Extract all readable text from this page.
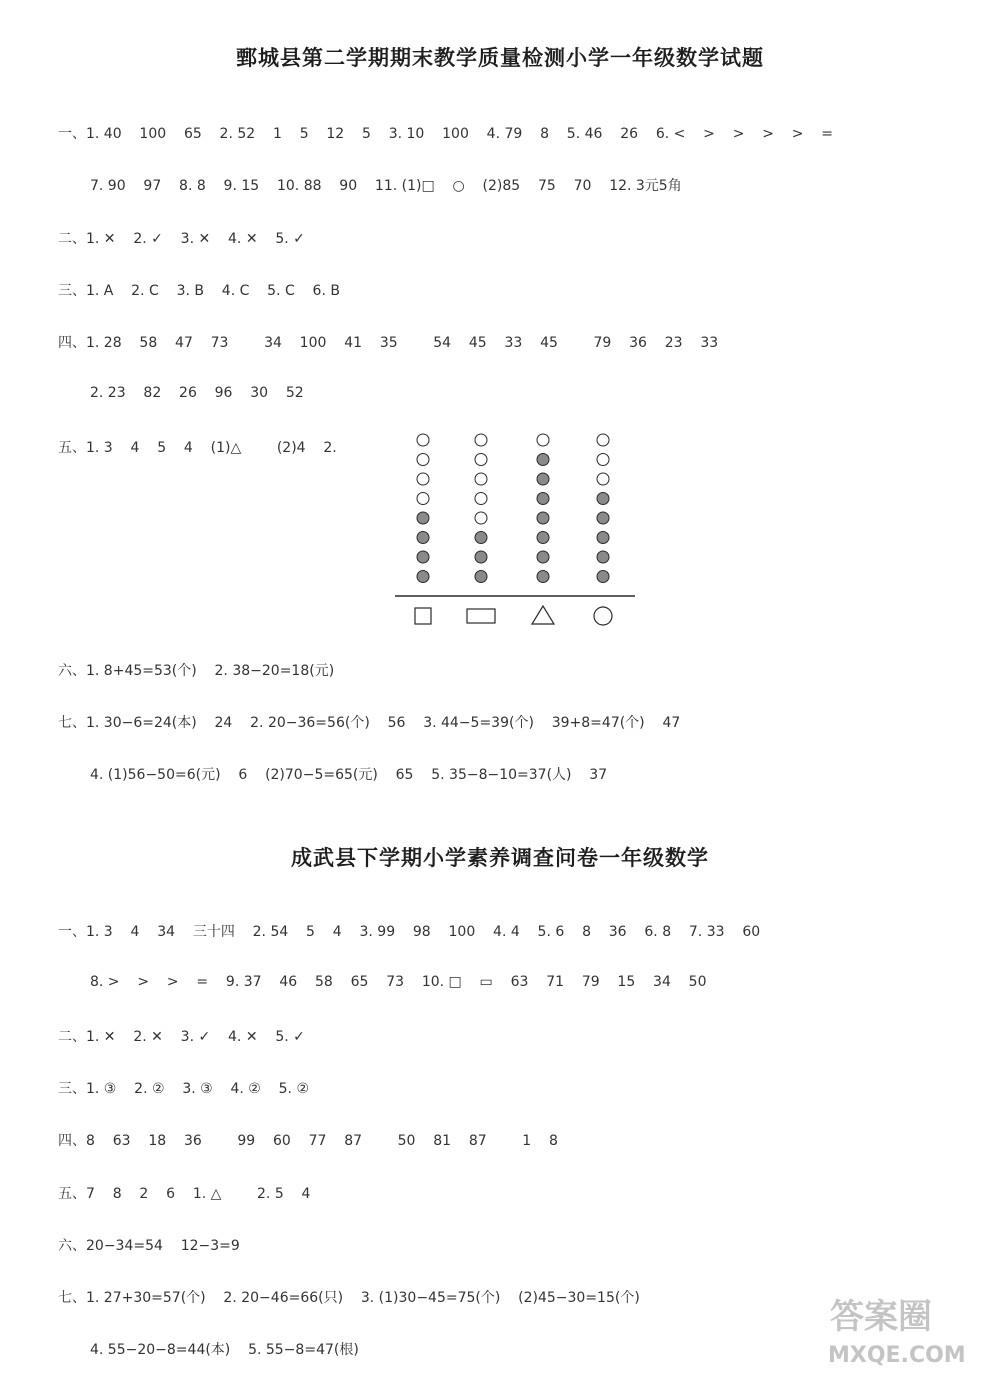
鄄城县第二学期期末教学质量检测小学一年级数学试题
一、1. 40    100    65    2. 52    1    5    12    5    3. 10    100    4. 79    8    5. 46    26    6. <    >    >    >    >    =
7. 90    97    8. 8    9. 15    10. 88    90    11. (1)□    ○    (2)85    75    70    12. 3元5角
二、1. ✕    2. ✓    3. ✕    4. ✕    5. ✓
三、1. A    2. C    3. B    4. C    5. C    6. B
四、1. 28    58    47    73        34    100    41    35        54    45    33    45        79    36    23    33
2. 23    82    26    96    30    52
五、1. 3    4    5    4    (1)△        (2)4    2.
六、1. 8+45=53(个)    2. 38−20=18(元)
七、1. 30−6=24(本)    24    2. 20−36=56(个)    56    3. 44−5=39(个)    39+8=47(个)    47
4. (1)56−50=6(元)    6    (2)70−5=65(元)    65    5. 35−8−10=37(人)    37
成武县下学期小学素养调查问卷一年级数学
一、1. 3    4    34    三十四    2. 54    5    4    3. 99    98    100    4. 4    5. 6    8    36    6. 8    7. 33    60
8. >    >    >    =    9. 37    46    58    65    73    10. □    ▭    63    71    79    15    34    50
二、1. ✕    2. ✕    3. ✓    4. ✕    5. ✓
三、1. ③    2. ②    3. ③    4. ②    5. ②
四、8    63    18    36        99    60    77    87        50    81    87        1    8
五、7    8    2    6    1. △        2. 5    4
六、20−34=54    12−3=9
七、1. 27+30=57(个)    2. 20−46=66(只)    3. (1)30−45=75(个)    (2)45−30=15(个)
4. 55−20−8=44(本)    5. 55−8=47(根)
答案圈
MXQE.COM
